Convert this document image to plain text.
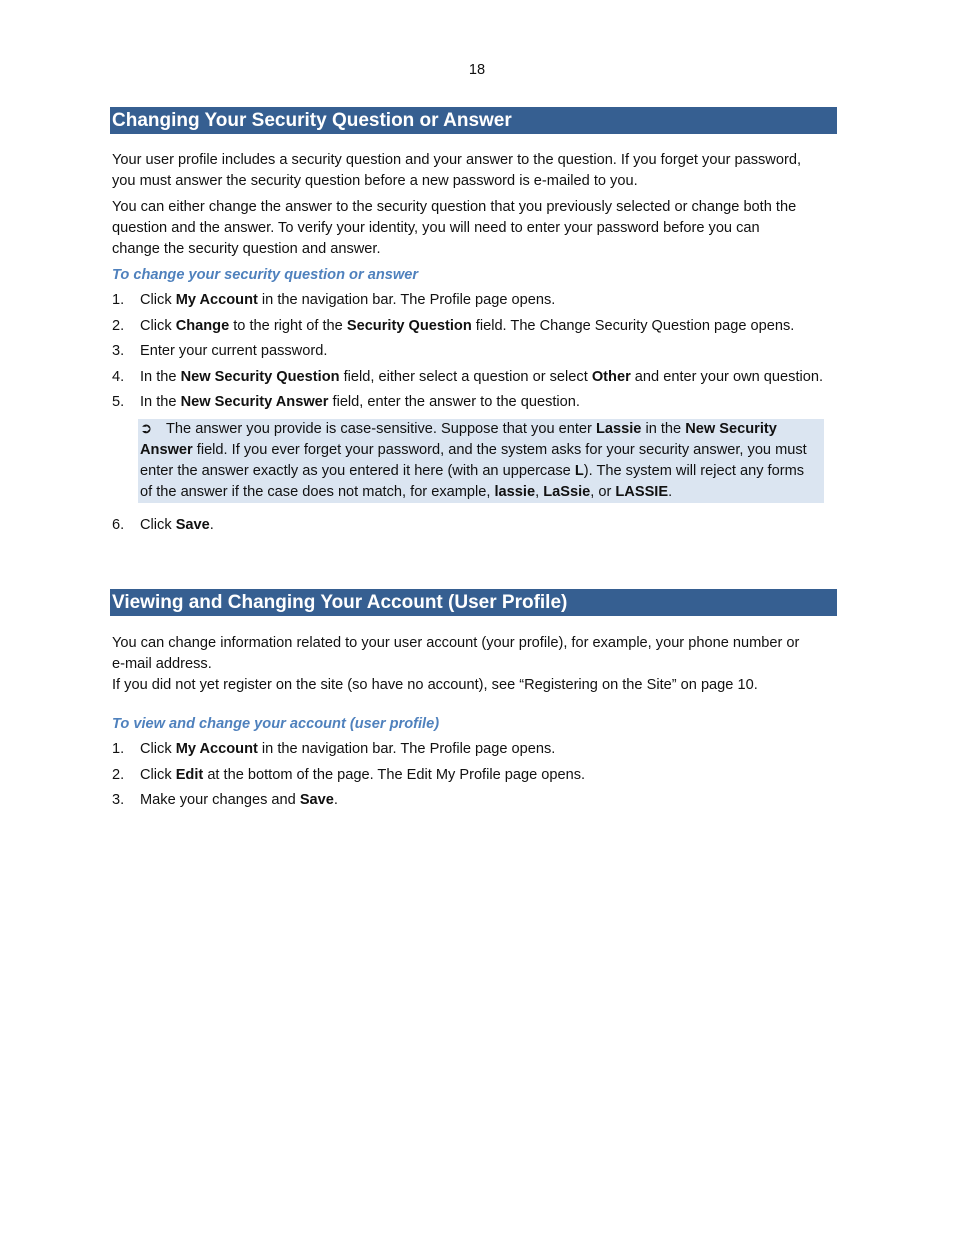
18
Changing Your Security Question or Answer

Your user profile includes a security question and your answer to the question. If you forget your password, you must answer the security question before a new password is e-mailed to you.

You can either change the answer to the security question that you previously selected or change both the question and the answer. To verify your identity, you will need to enter your password before you can change the security question and answer.

To change your security question or answer
1. Click My Account in the navigation bar. The Profile page opens.
2. Click Change to the right of the Security Question field. The Change Security Question page opens.
3. Enter your current password.
4. In the New Security Question field, either select a question or select Other and enter your own question.
5. In the New Security Answer field, enter the answer to the question.
➲ The answer you provide is case-sensitive. Suppose that you enter Lassie in the New Security Answer field. If you ever forget your password, and the system asks for your security answer, you must enter the answer exactly as you entered it here (with an uppercase L). The system will reject any forms of the answer if the case does not match, for example, lassie, LaSsie, or LASSIE.
6. Click Save.
Viewing and Changing Your Account (User Profile)

You can change information related to your user account (your profile), for example, your phone number or e-mail address.

If you did not yet register on the site (so have no account), see “Registering on the Site” on page 10.

To view and change your account (user profile)
1. Click My Account in the navigation bar. The Profile page opens.
2. Click Edit at the bottom of the page. The Edit My Profile page opens.
3. Make your changes and Save.
